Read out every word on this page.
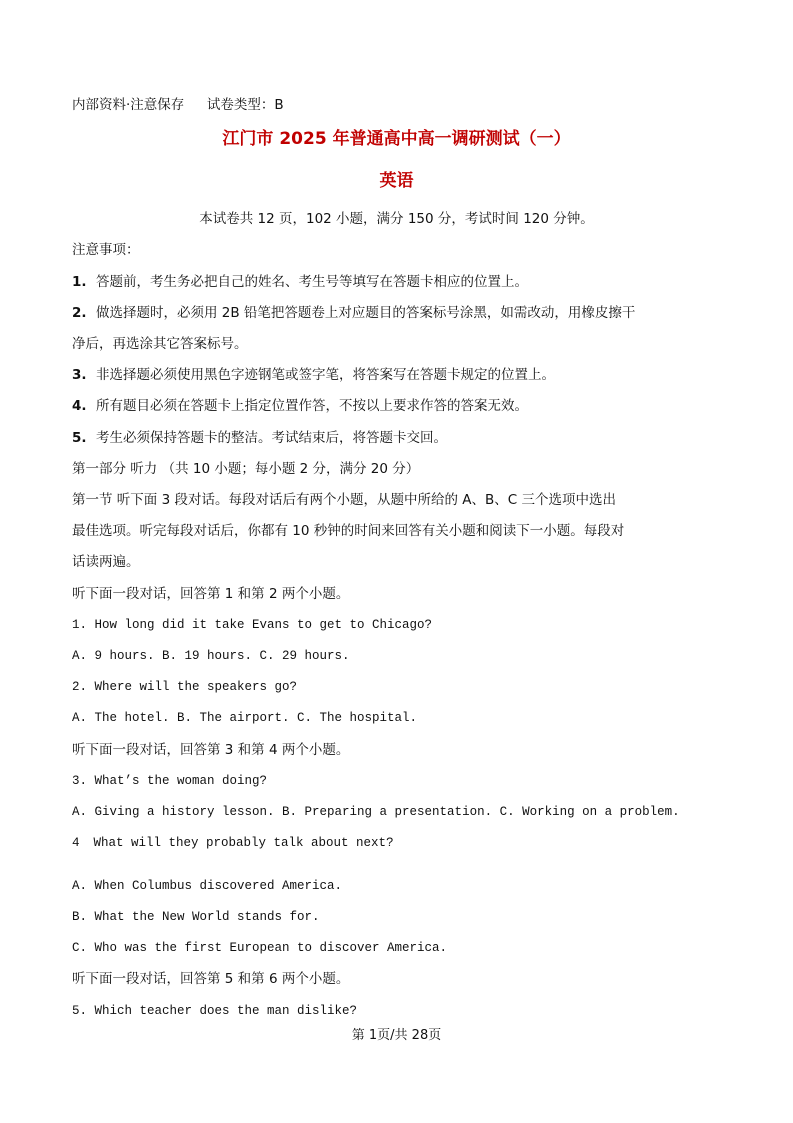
内部资料·注意保存 试卷类型：B
江门市 2025 年普通高中高一调研测试（一）
英语
本试卷共 12 页，102 小题，满分 150 分，考试时间 120 分钟。
注意事项：
1. 答题前，考生务必把自己的姓名、考生号等填写在答题卡相应的位置上。
2. 做选择题时，必须用 2B 铅笔把答题卷上对应题目的答案标号涂黑，如需改动，用橡皮擦干
净后，再选涂其它答案标号。
3. 非选择题必须使用黑色字迹钢笔或签字笔，将答案写在答题卡规定的位置上。
4. 所有题目必须在答题卡上指定位置作答，不按以上要求作答的答案无效。
5. 考生必须保持答题卡的整洁。考试结束后，将答题卡交回。
第一部分 听力 （共 10 小题；每小题 2 分，满分 20 分）
第一节 听下面 3 段对话。每段对话后有两个小题，从题中所给的 A、B、C 三个选项中选出
最佳选项。听完每段对话后，你都有 10 秒钟的时间来回答有关小题和阅读下一小题。每段对
话读两遍。
听下面一段对话，回答第 1 和第 2 两个小题。
1. How long did it take Evans to get to Chicago?
A. 9 hours. B. 19 hours. C. 29 hours.
2. Where will the speakers go?
A. The hotel. B. The airport. C. The hospital.
听下面一段对话，回答第 3 和第 4 两个小题。
3. What’s the woman doing?
A. Giving a history lesson. B. Preparing a presentation. C. Working on a problem.
4 What will they probably talk about next?
A. When Columbus discovered America.
B. What the New World stands for.
C. Who was the first European to discover America.
听下面一段对话，回答第 5 和第 6 两个小题。
5. Which teacher does the man dislike?
第 1页/共 28页
